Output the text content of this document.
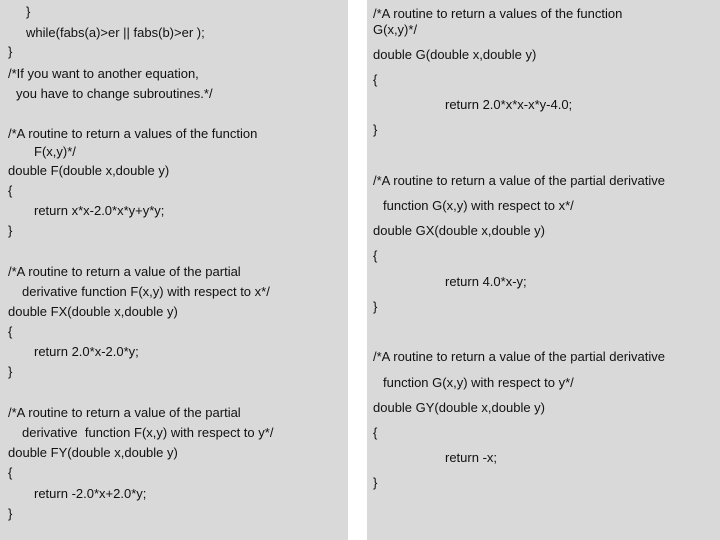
}
while(fabs(a)>er || fabs(b)>er );
}
/*If you want to another equation,
you have to change subroutines.*/
/*A routine to return a values of the function
F(x,y)*/
double F(double x,double y)
{
return x*x-2.0*x*y+y*y;
}
/*A routine to return a value of the partial
derivative function F(x,y) with respect to x*/
double FX(double x,double y)
{
return 2.0*x-2.0*y;
}
/*A routine to return a value of the partial
derivative  function F(x,y) with respect to y*/
double FY(double x,double y)
{
return -2.0*x+2.0*y;
}
/*A routine to return a values of the function
G(x,y)*/
double G(double x,double y)
{
return 2.0*x*x-x*y-4.0;
}
/*A routine to return a value of the partial derivative
function G(x,y) with respect to x*/
double GX(double x,double y)
{
return 4.0*x-y;
}
/*A routine to return a value of the partial derivative
function G(x,y) with respect to y*/
double GY(double x,double y)
{
return -x;
}
